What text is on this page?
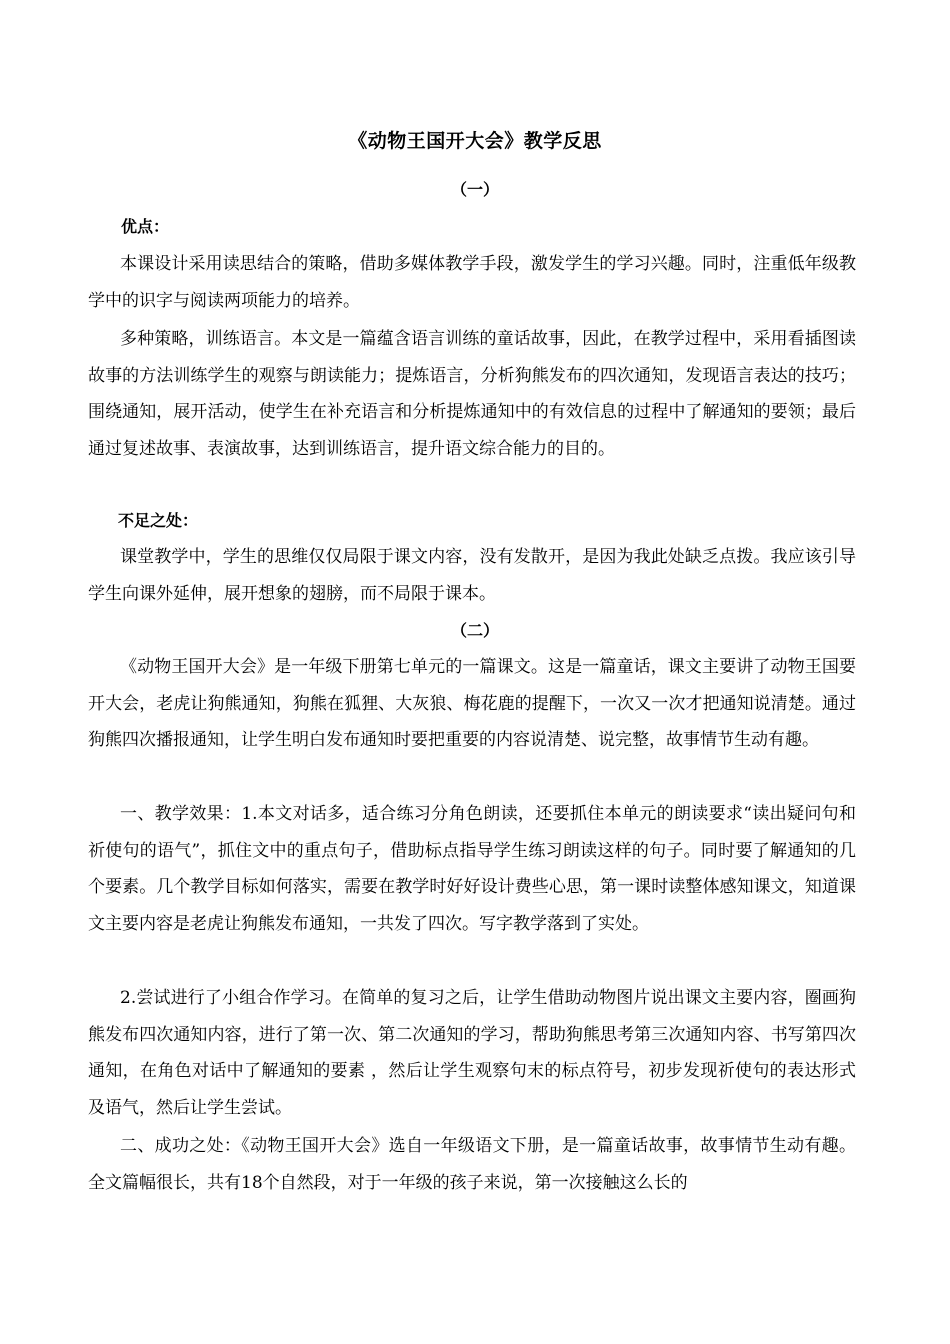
《动物王国开大会》教学反思
（一）
优点：

本课设计采用读思结合的策略，借助多媒体教学手段，激发学生的学习兴趣。同时，注重低年级教学中的识字与阅读两项能力的培养。

多种策略，训练语言。本文是一篇蕴含语言训练的童话故事，因此，在教学过程中，采用看插图读故事的方法训练学生的观察与朗读能力；提炼语言，分析狗熊发布的四次通知，发现语言表达的技巧；围绕通知，展开活动，使学生在补充语言和分析提炼通知中的有效信息的过程中了解通知的要领；最后通过复述故事、表演故事，达到训练语言，提升语文综合能力的目的。

不足之处：

课堂教学中，学生的思维仅仅局限于课文内容，没有发散开，是因为我此处缺乏点拨。我应该引导学生向课外延伸，展开想象的翅膀，而不局限于课本。

（二）

《动物王国开大会》是一年级下册第七单元的一篇课文。这是一篇童话，课文主要讲了动物王国要开大会，老虎让狗熊通知，狗熊在狐狸、大灰狼、梅花鹿的提醒下，一次又一次才把通知说清楚。通过狗熊四次播报通知，让学生明白发布通知时要把重要的内容说清楚、说完整，故事情节生动有趣。

一、教学效果：1.本文对话多，适合练习分角色朗读，还要抓住本单元的朗读要求“读出疑问句和祈使句的语气”，抓住文中的重点句子，借助标点指导学生练习朗读这样的句子。同时要了解通知的几个要素。几个教学目标如何落实，需要在教学时好好设计费些心思，第一课时读整体感知课文，知道课文主要内容是老虎让狗熊发布通知，一共发了四次。写字教学落到了实处。

2.尝试进行了小组合作学习。在简单的复习之后，让学生借助动物图片说出课文主要内容，圈画狗熊发布四次通知内容，进行了第一次、第二次通知的学习，帮助狗熊思考第三次通知内容、书写第四次通知，在角色对话中了解通知的要素 ，然后让学生观察句末的标点符号，初步发现祈使句的表达形式及语气，然后让学生尝试。

二、成功之处：《动物王国开大会》选自一年级语文下册，是一篇童话故事，故事情节生动有趣。全文篇幅很长，共有18个自然段，对于一年级的孩子来说，第一次接触这么长的
